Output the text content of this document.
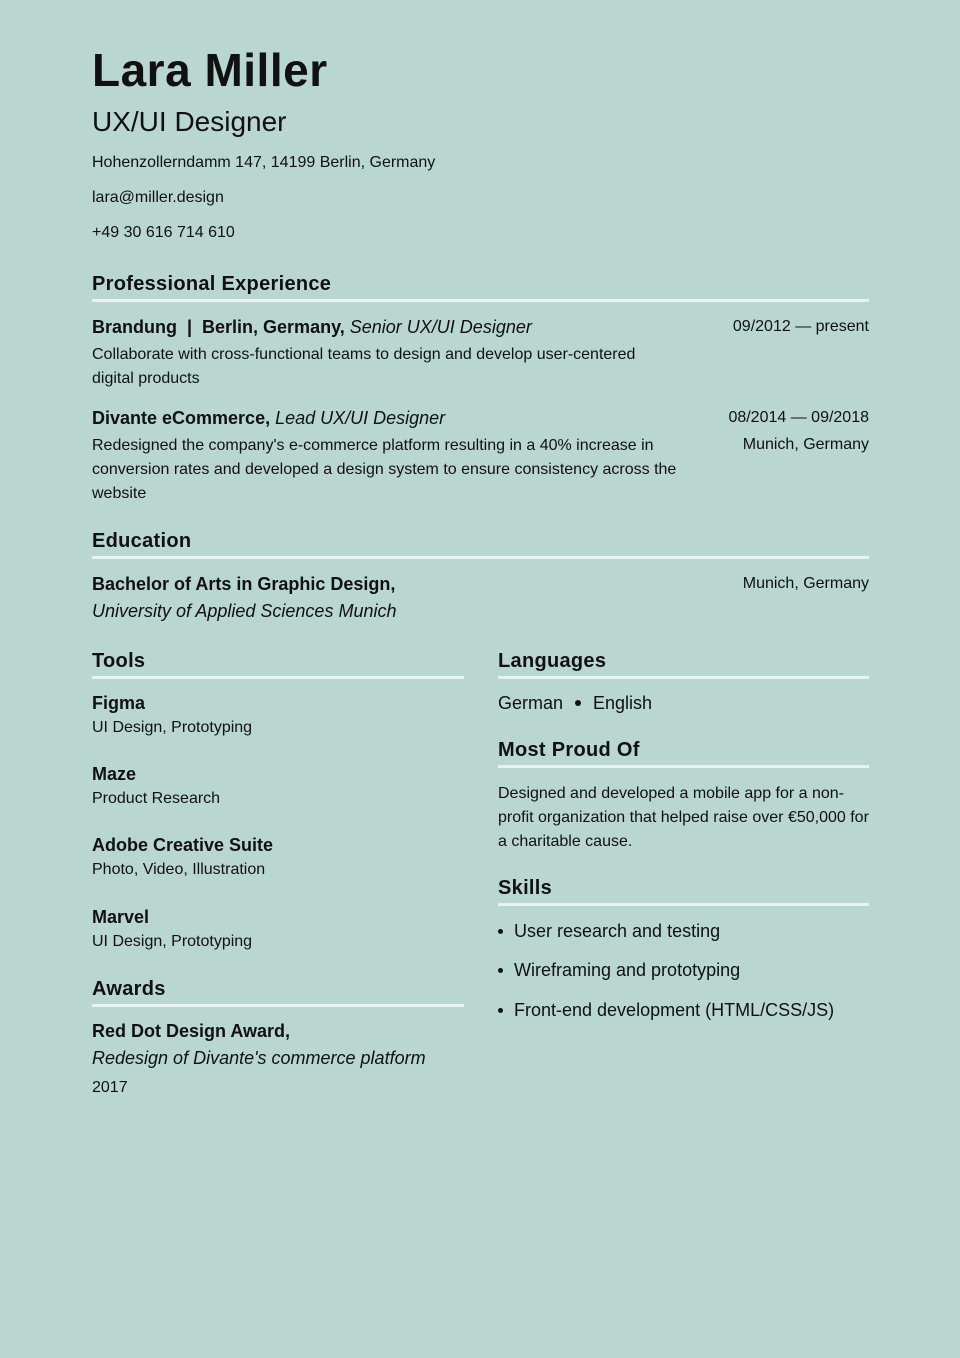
Lara Miller
UX/UI Designer
Hohenzollerndamm 147, 14199 Berlin, Germany
lara@miller.design
+49 30 616 714 610
Professional Experience
Brandung  |  Berlin, Germany, Senior UX/UI Designer	09/2012 — present
Collaborate with cross-functional teams to design and develop user-centered digital products
Divante eCommerce, Lead UX/UI Designer	08/2014 — 09/2018
Munich, Germany
Redesigned the company's e-commerce platform resulting in a 40% increase in conversion rates and developed a design system to ensure consistency across the website
Education
Bachelor of Arts in Graphic Design,
University of Applied Sciences Munich
Munich, Germany
Tools
Figma
UI Design, Prototyping
Maze
Product Research
Adobe Creative Suite
Photo, Video, Illustration
Marvel
UI Design, Prototyping
Awards
Red Dot Design Award,
Redesign of Divante's commerce platform
2017
Languages
German English
Most Proud Of
Designed and developed a mobile app for a non-profit organization that helped raise over €50,000 for a charitable cause.
Skills
User research and testing
Wireframing and prototyping
Front-end development (HTML/CSS/JS)
